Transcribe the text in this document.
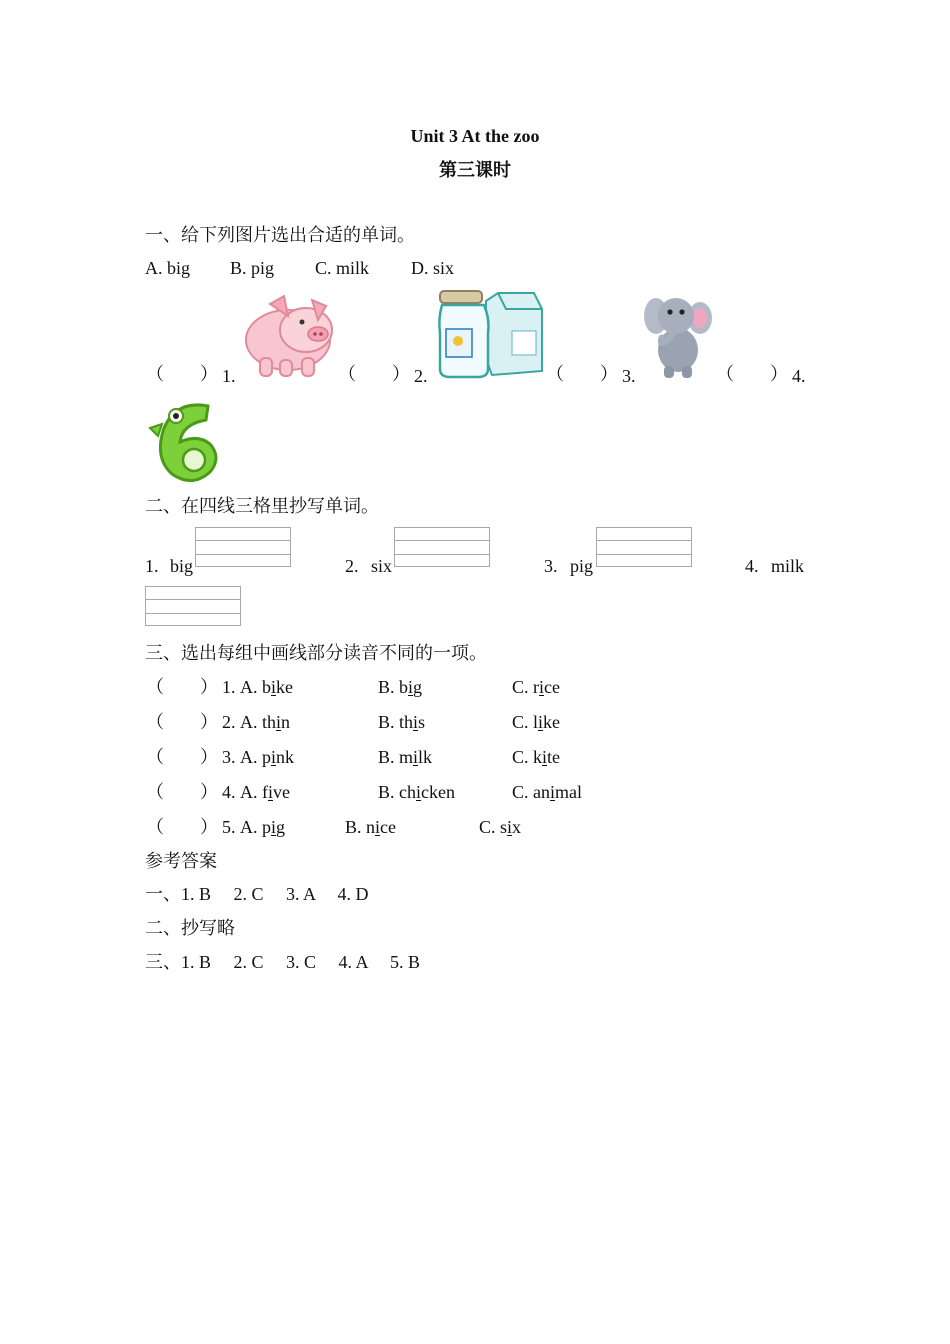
Unit 3 At the zoo
第三课时
一、给下列图片选出合适的单词。
A. big B. pig C. milk D. six
（　　） 1.	（　　） 2.	（　　） 3.	（　　） 4.
二、在四线三格里抄写单词。
1. big	2. six	3. pig	4. milk
三、选出每组中画线部分读音不同的一项。
（　　） 1. A. bike	B. big	C. rice
（　　） 2. A. thin	B. this	C. like
（　　） 3. A. pink	B. milk	C. kite
（　　） 4. A. five	B. chicken	C. animal
（　　） 5. A. pig	B. nice	C. six
参考答案
一、1. B　 2. C　 3. A　 4. D
二、抄写略
三、1. B　 2. C　 3. C　 4. A　 5. B
